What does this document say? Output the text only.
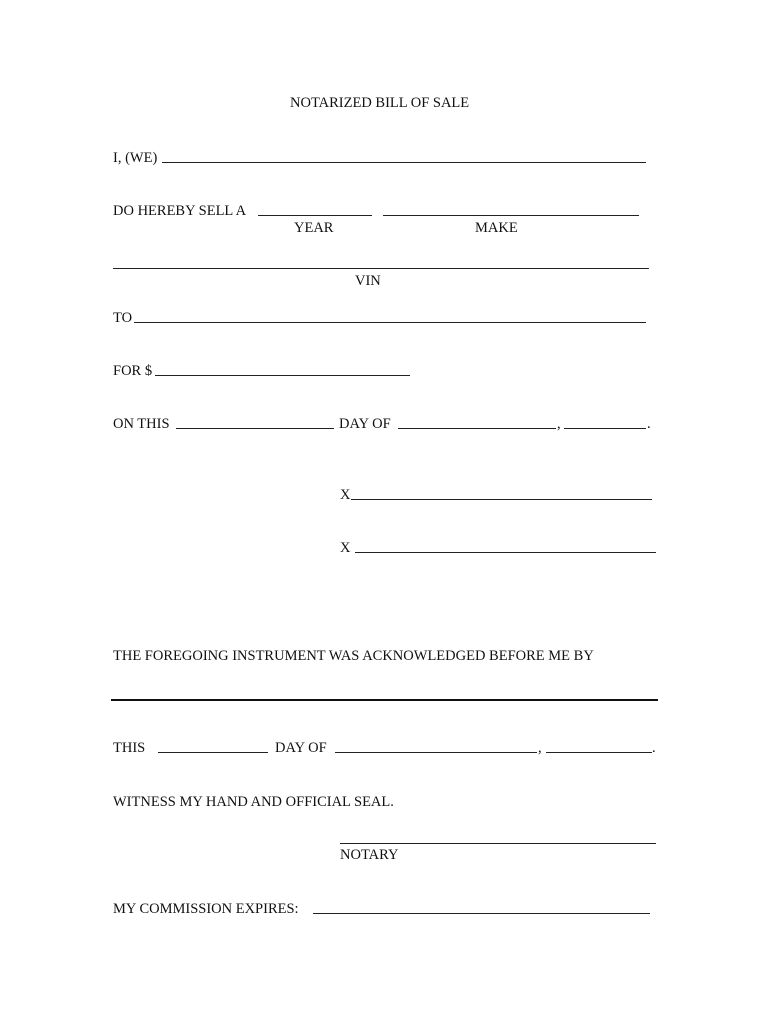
NOTARIZED BILL OF SALE
I, (WE)
DO HEREBY SELL A
YEAR	MAKE
VIN
TO
FOR $
ON THIS	DAY OF	,	.
X
X
THE FOREGOING INSTRUMENT WAS ACKNOWLEDGED BEFORE ME BY
THIS	DAY OF	,	.
WITNESS MY HAND AND OFFICIAL SEAL.
NOTARY
MY COMMISSION EXPIRES:
